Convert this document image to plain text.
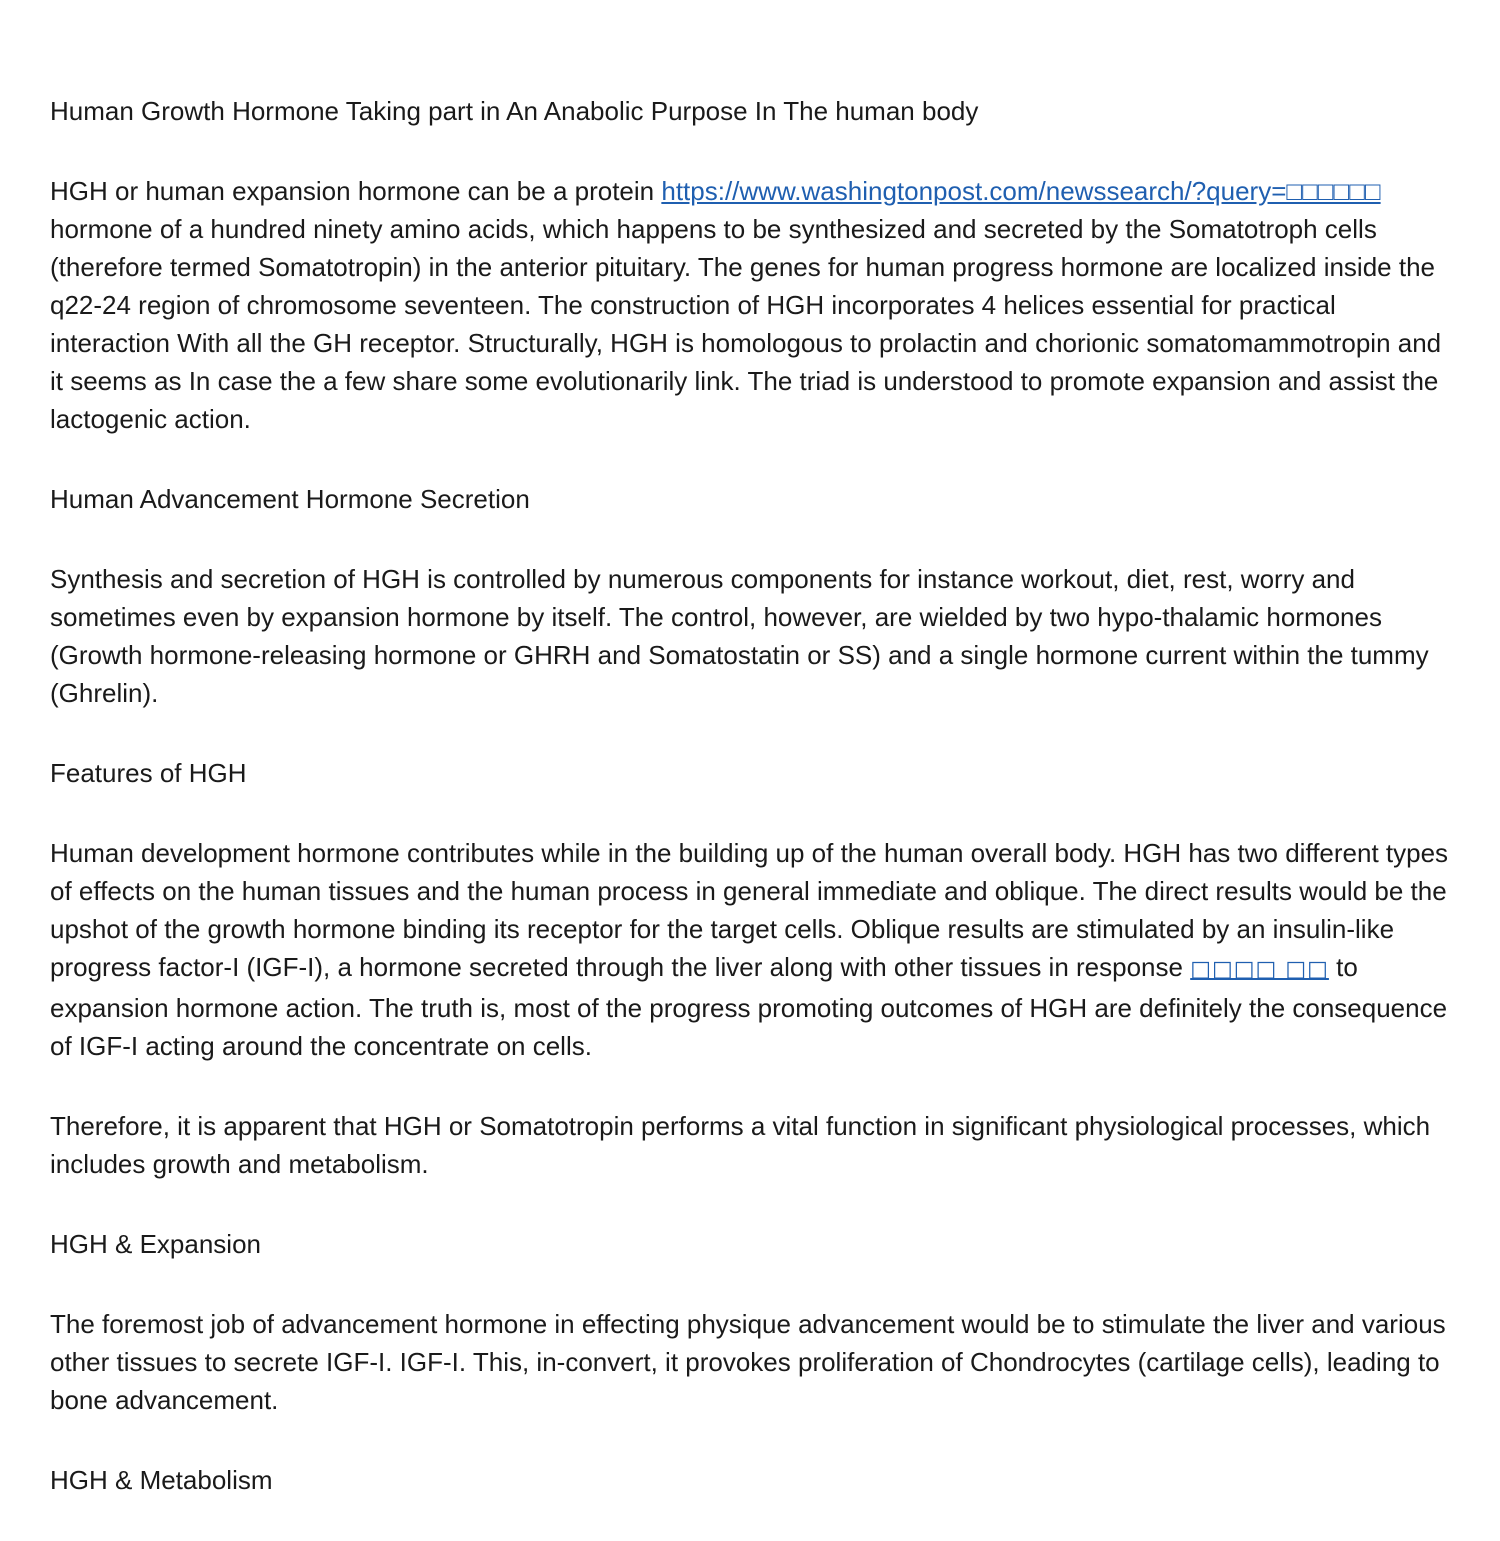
Human Growth Hormone Taking part in An Anabolic Purpose In The human body

HGH or human expansion hormone can be a protein https://www.washingtonpost.com/newssearch/?query=□□□□□□ hormone of a hundred ninety amino acids, which happens to be synthesized and secreted by the Somatotroph cells (therefore termed Somatotropin) in the anterior pituitary. The genes for human progress hormone are localized inside the q22-24 region of chromosome seventeen. The construction of HGH incorporates 4 helices essential for practical interaction With all the GH receptor. Structurally, HGH is homologous to prolactin and chorionic somatomammotropin and it seems as In case the a few share some evolutionarily link. The triad is understood to promote expansion and assist the lactogenic action.

Human Advancement Hormone Secretion

Synthesis and secretion of HGH is controlled by numerous components for instance workout, diet, rest, worry and sometimes even by expansion hormone by itself. The control, however, are wielded by two hypo-thalamic hormones (Growth hormone-releasing hormone or GHRH and Somatostatin or SS) and a single hormone current within the tummy (Ghrelin).

Features of HGH

Human development hormone contributes while in the building up of the human overall body. HGH has two different types of effects on the human tissues and the human process in general immediate and oblique. The direct results would be the upshot of the growth hormone binding its receptor for the target cells. Oblique results are stimulated by an insulin-like progress factor-I (IGF-I), a hormone secreted through the liver along with other tissues in response □□□□ □□ to expansion hormone action. The truth is, most of the progress promoting outcomes of HGH are definitely the consequence of IGF-I acting around the concentrate on cells.

Therefore, it is apparent that HGH or Somatotropin performs a vital function in significant physiological processes, which includes growth and metabolism.

HGH & Expansion

The foremost job of advancement hormone in effecting physique advancement would be to stimulate the liver and various other tissues to secrete IGF-I. IGF-I. This, in-convert, it provokes proliferation of Chondrocytes (cartilage cells), leading to bone advancement.

HGH & Metabolism
